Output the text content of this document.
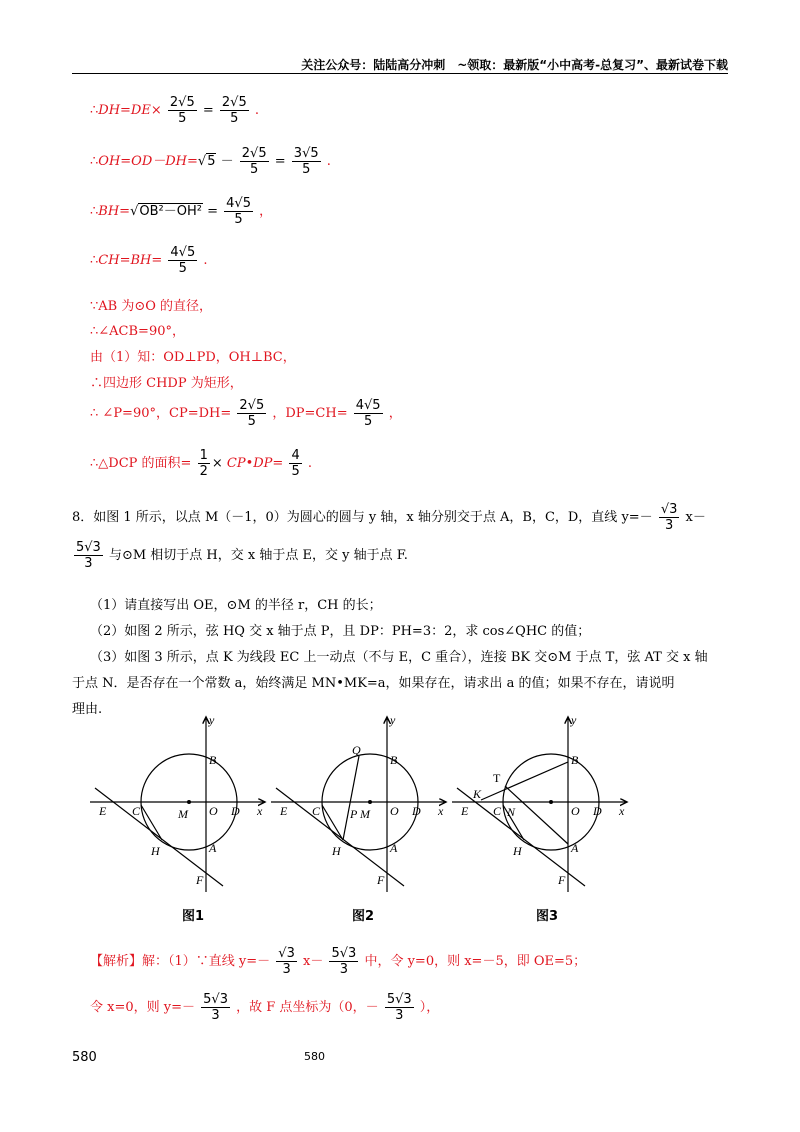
关注公众号：陆陆高分冲刺　~领取：最新版“小中高考-总复习”、最新试卷下载
∴DH=DE× $\frac{2√5}{5} = \frac{2√5}{5}$ .
∴OH=OD－DH=√5 － $\frac{2√5}{5} = \frac{3√5}{5}$ .
∴BH=√OB²－OH² = $\frac{4√5}{5}$ ，
∴CH=BH= $\frac{4√5}{5}$ .
∵AB 为⊙O 的直径，
∴∠ACB=90°，
由（1）知：OD⊥PD，OH⊥BC，
∴四边形 CHDP 为矩形，
∴ ∠P=90°，$CP=DH= \frac{2√5}{5}$ ，$DP=CH= \frac{4√5}{5}$ ，
∴△DCP 的面积= $\frac{1}{2}$ × CP•DP= $\frac{4}{5}$ .
8．如图 1 所示，以点 M（－1，0）为圆心的圆与 y 轴，x 轴分别交于点 A，B，C，D，直线 $y=- \frac{√3}{3} x-$
$\frac{5√3}{3}$ 与⊙M 相切于点 H，交 x 轴于点 E，交 y 轴于点 F.
（1）请直接写出 OE，⊙M 的半径 r，CH 的长；
（2）如图 2 所示，弦 HQ 交 x 轴于点 P，且 DP：PH=3：2，求 cos∠QHC 的值；
（3）如图 3 所示，点 K 为线段 EC 上一动点（不与 E，C 重合），连接 BK 交⊙M 于点 T，弦 AT 交 x 轴
于点 N．是否存在一个常数 a，始终满足 MN•MK=a，如果存在，请求出 a 的值；如果不存在，请说明
理由.
y
x
B
A
C	D
E	M O
H
F
y
x
B
A
C	D
E	M
P	O
Q
H
F
y
x
B
A
C	D
E	N	O
K
T
H
F
图1	图2	图3
【解析】解：（1）∵直线 $y=- \frac{√3}{3} x- \frac{5√3}{3}$ 中，令 y=0，则 x=－5，即 OE=5；
令 x=0，则 $y=- \frac{5√3}{3}$ ，故 F 点坐标为（0，－ $\frac{5√3}{3}$ ），
580	580
